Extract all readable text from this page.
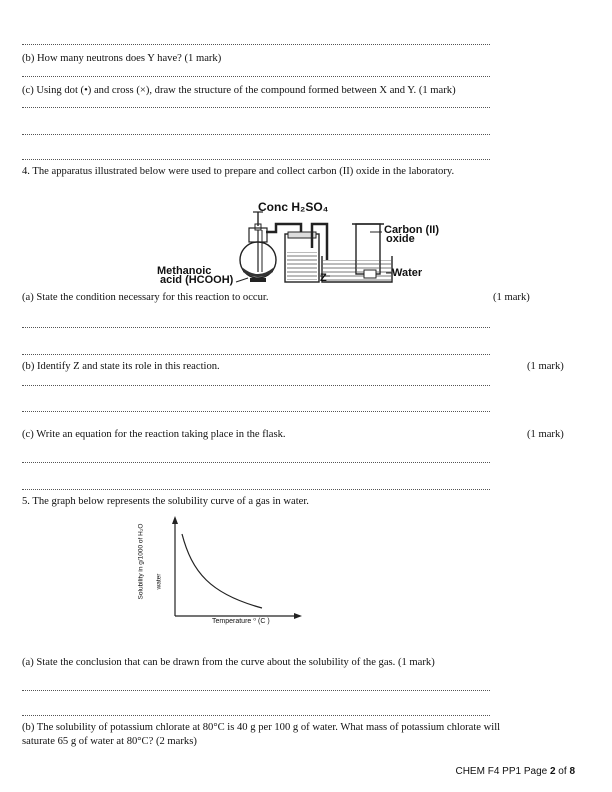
(b) How many neutrons does Y have? (1 mark)
(c) Using dot (•) and cross (×), draw the structure of the compound formed between X and Y. (1 mark)
4. The apparatus illustrated below were used to prepare and collect carbon (II) oxide in the laboratory.
Conc H₂SO₄
Carbon (II)
oxide
Methanoic
acid (HCOOH)	Z	Water
(a) State the condition necessary for this reaction to occur.	(1 mark)
(b) Identify Z and state its role in this reaction.	(1 mark)
(c) Write an equation for the reaction taking place in the flask.	(1 mark)
5. The graph below represents the solubility curve of a gas in water.
Solubility in g/1000 of H₂O water
Temperature ⁰ (C )
(a) State the conclusion that can be drawn from the curve about the solubility of the gas. (1 mark)
(b) The solubility of potassium chlorate at 80°C is 40 g per 100 g of water. What mass of potassium chlorate will
saturate 65 g of water at 80°C? (2 marks)
CHEM F4 PP1 Page 2 of 8
